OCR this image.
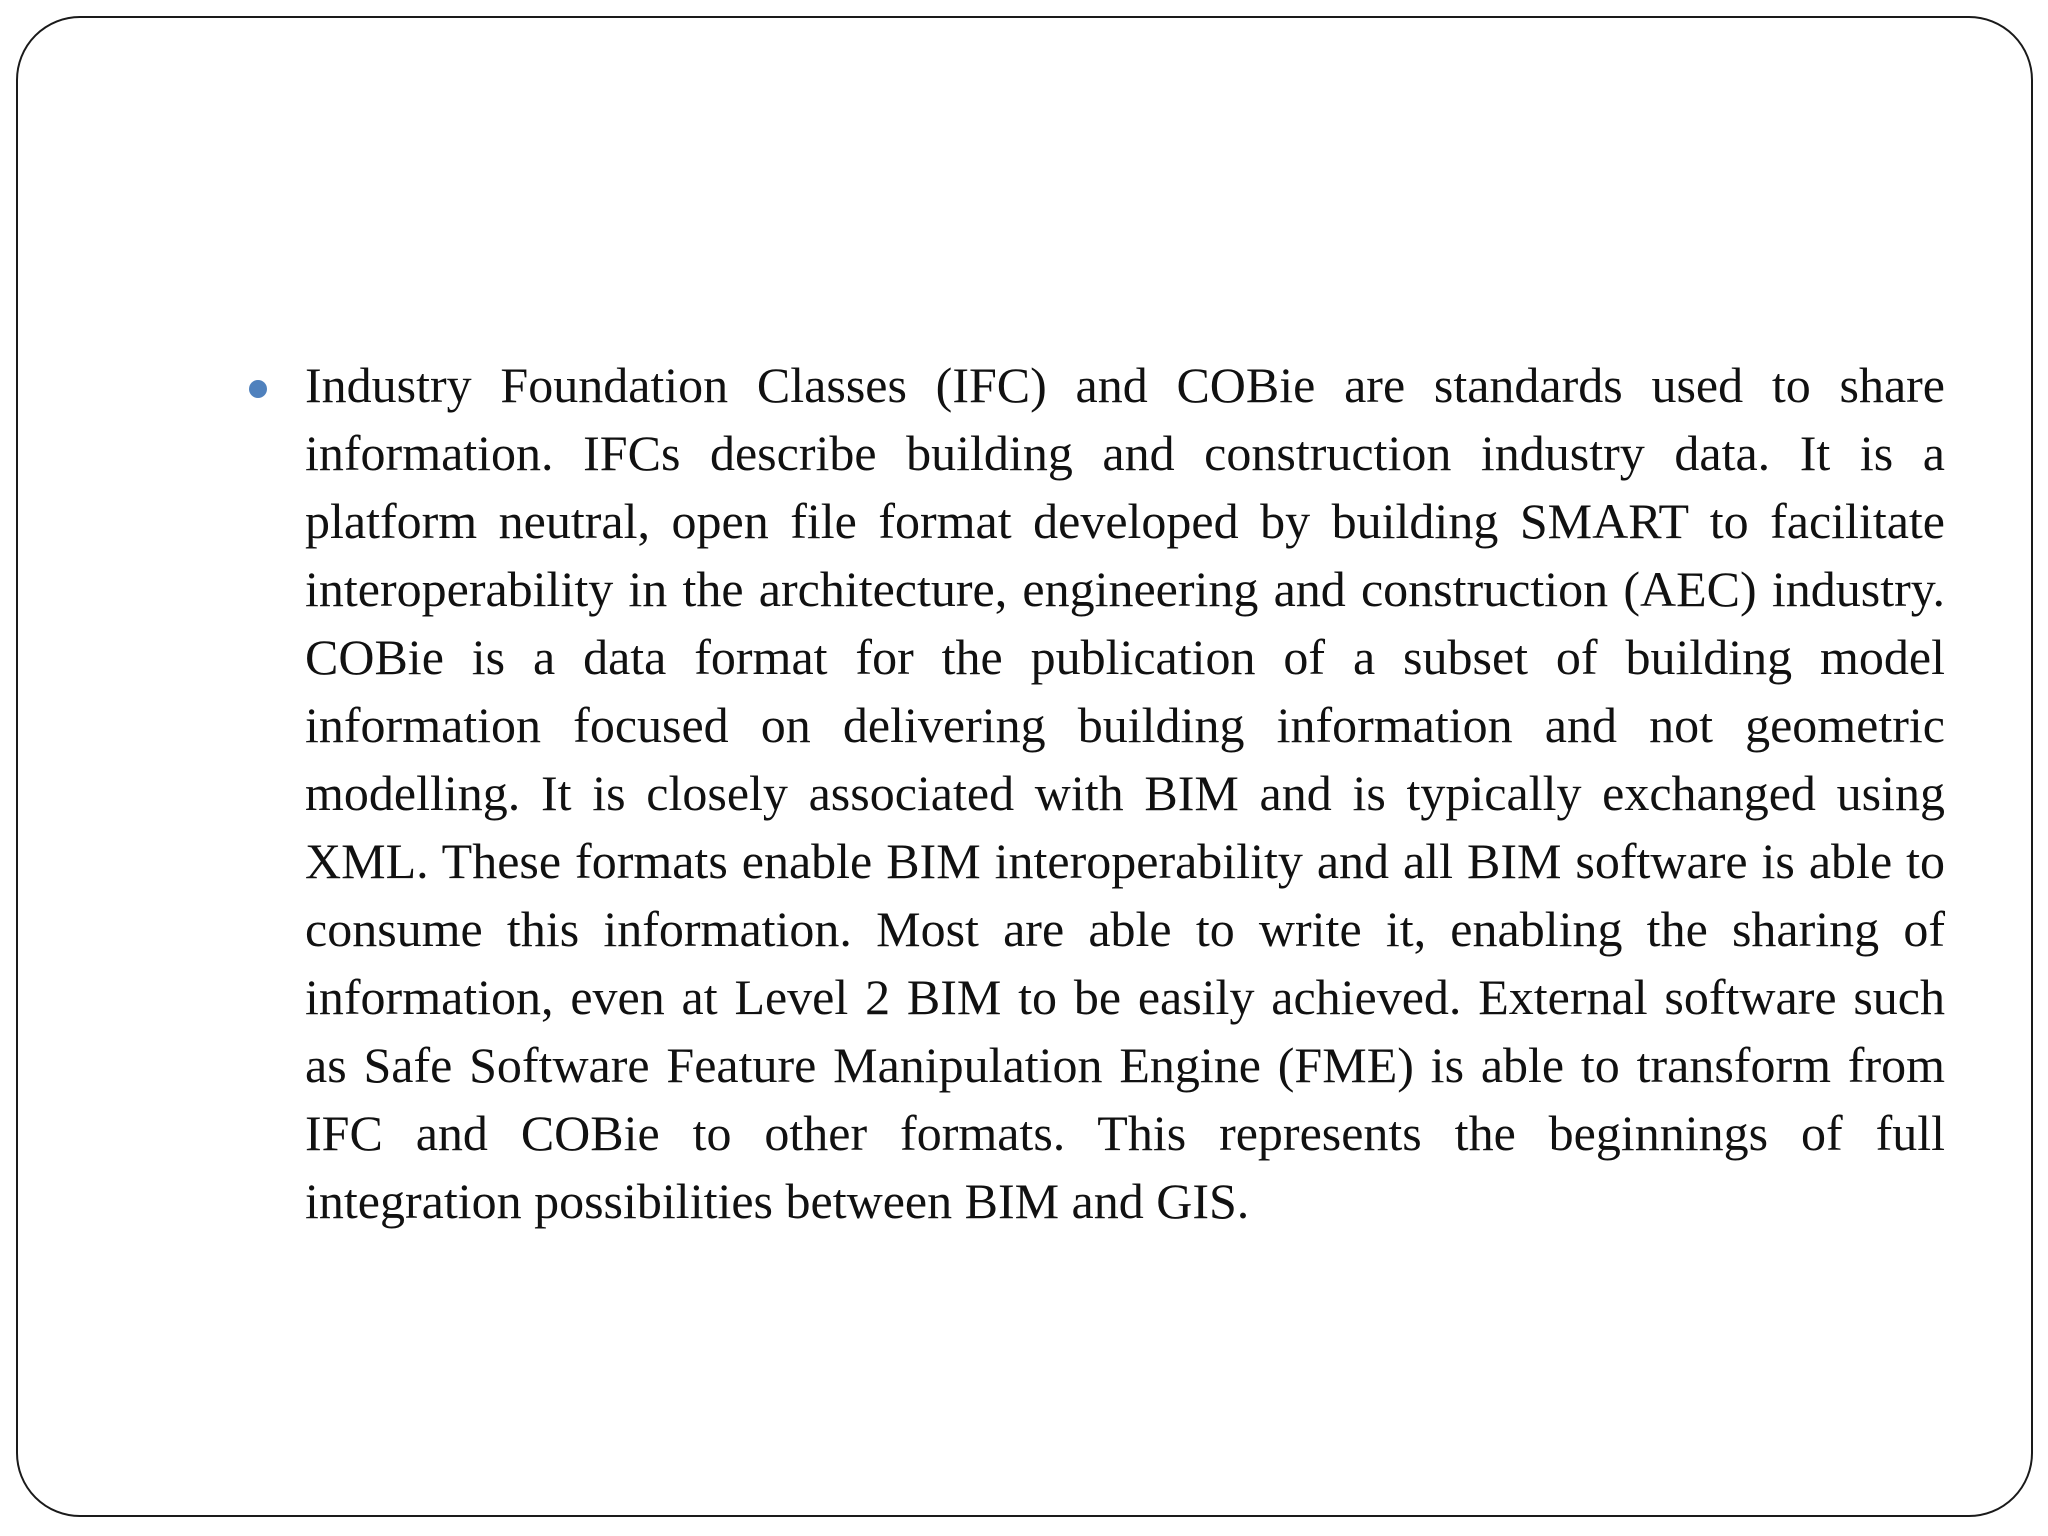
Industry Foundation Classes (IFC) and COBie are standards used to share information. IFCs describe building and construction industry data. It is a platform neutral, open file format developed by building SMART to facilitate interoperability in the architecture, engineering and construction (AEC) industry. COBie is a data format for the publication of a subset of building model information focused on delivering building information and not geometric modelling. It is closely associated with BIM and is typically exchanged using XML. These formats enable BIM interoperability and all BIM software is able to consume this information. Most are able to write it, enabling the sharing of information, even at Level 2 BIM to be easily achieved. External software such as Safe Software Feature Manipulation Engine (FME) is able to transform from IFC and COBie to other formats. This represents the beginnings of full integration possibilities between BIM and GIS.
